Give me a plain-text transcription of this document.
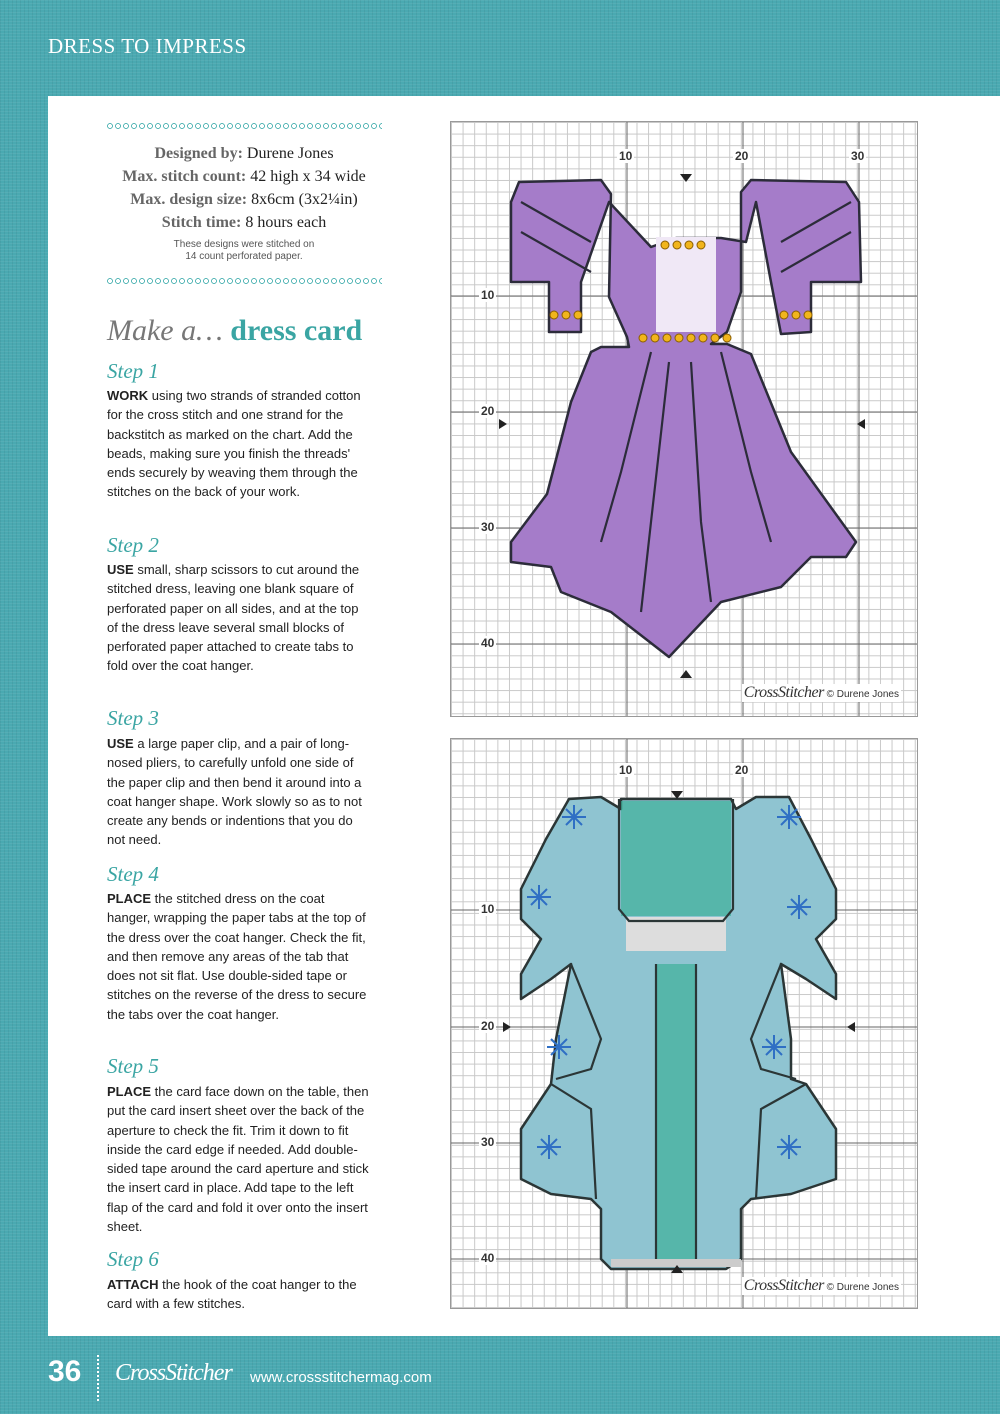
DRESS TO IMPRESS
Designed by: Durene Jones
Max. stitch count: 42 high x 34 wide
Max. design size: 8x6cm (3x2¼in)
Stitch time: 8 hours each
These designs were stitched on
14 count perforated paper.
Make a… dress card
Step 1
WORK using two strands of stranded cotton for the cross stitch and one strand for the backstitch as marked on the chart. Add the beads, making sure you finish the threads' ends securely by weaving them through the stitches on the back of your work.
Step 2
USE small, sharp scissors to cut around the stitched dress, leaving one blank square of perforated paper on all sides, and at the top of the dress leave several small blocks of perforated paper attached to create tabs to fold over the coat hanger.
Step 3
USE a large paper clip, and a pair of long-nosed pliers, to carefully unfold one side of the paper clip and then bend it around into a coat hanger shape. Work slowly so as to not create any bends or indentions that you do not need.
Step 4
PLACE the stitched dress on the coat hanger, wrapping the paper tabs at the top of the dress over the coat hanger. Check the fit, and then remove any areas of the tab that does not sit flat. Use double-sided tape or stitches on the reverse of the dress to secure the tabs over the coat hanger.
Step 5
PLACE the card face down on the table, then put the card insert sheet over the back of the aperture to check the fit. Trim it down to fit inside the card edge if needed. Add double-sided tape around the card aperture and stick the insert card in place. Add tape to the left flap of the card and fold it over onto the insert sheet.
Step 6
ATTACH the hook of the coat hanger to the card with a few stitches.
10	20	30
10
20
30
40
CrossStitcher © Durene Jones
10	20
10
20
30
40
CrossStitcher © Durene Jones
36 CrossStitcher www.crossstitchermag.com
